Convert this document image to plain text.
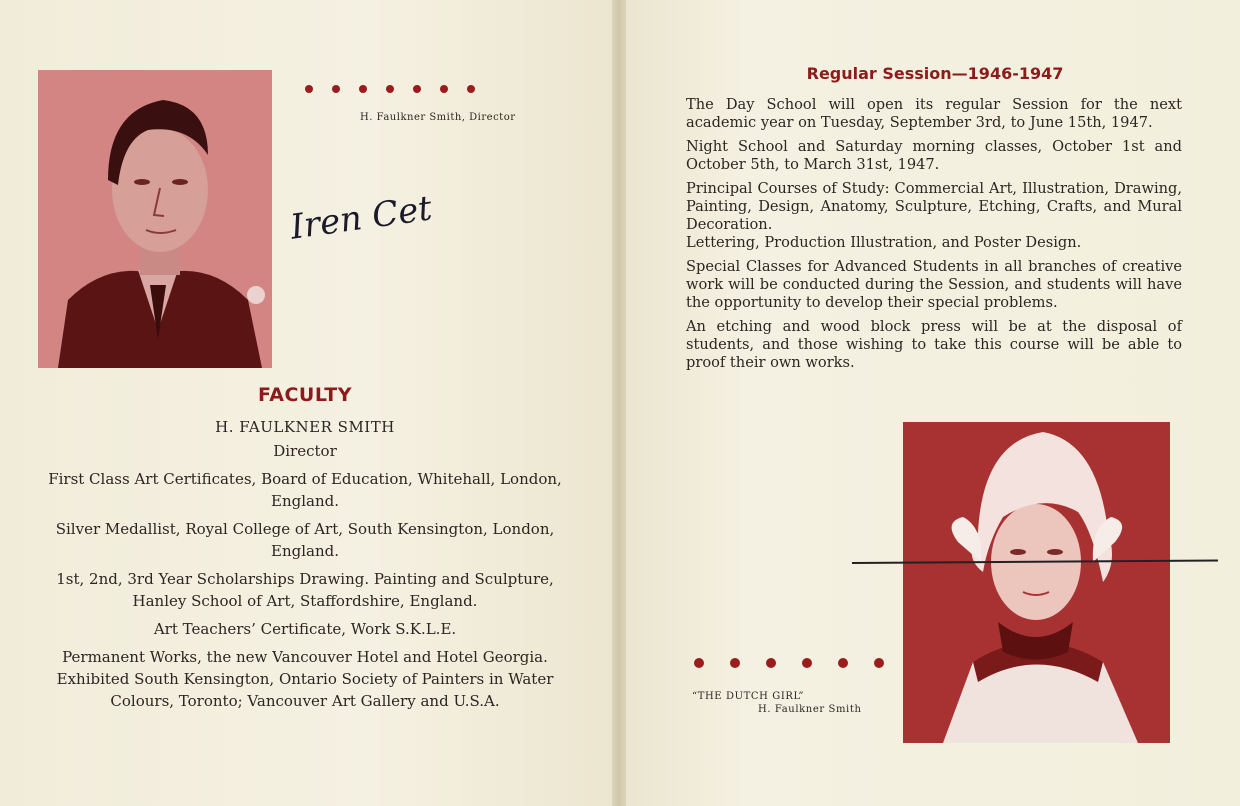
H. Faulkner Smith, Director
Iren Cet
FACULTY

H. FAULKNER SMITH

Director

First Class Art Certificates, Board of Education, Whitehall, London, England.

Silver Medallist, Royal College of Art, South Kensington, London, England.

1st, 2nd, 3rd Year Scholarships Drawing. Painting and Sculpture, Hanley School of Art, Staffordshire, England.

Art Teachers’ Certificate, Work S.K.L.E.

Permanent Works, the new Vancouver Hotel and Hotel Georgia. Exhibited South Kensington, Ontario Society of Painters in Water Colours, Toronto; Vancouver Art Gallery and U.S.A.

Regular Session—1946-1947

The Day School will open its regular Session for the next academic year on Tuesday, September 3rd, to June 15th, 1947.

Night School and Saturday morning classes, October 1st and October 5th, to March 31st, 1947.

Principal Courses of Study: Commercial Art, Illustration, Drawing, Painting, Design, Anatomy, Sculpture, Etching, Crafts, and Mural Decoration.

Lettering, Production Illustration, and Poster Design.

Special Classes for Advanced Students in all branches of creative work will be conducted during the Session, and students will have the opportunity to develop their special problems.

An etching and wood block press will be at the disposal of students, and those wishing to take this course will be able to proof their own works.

“THE DUTCH GIRL”
H. Faulkner Smith
